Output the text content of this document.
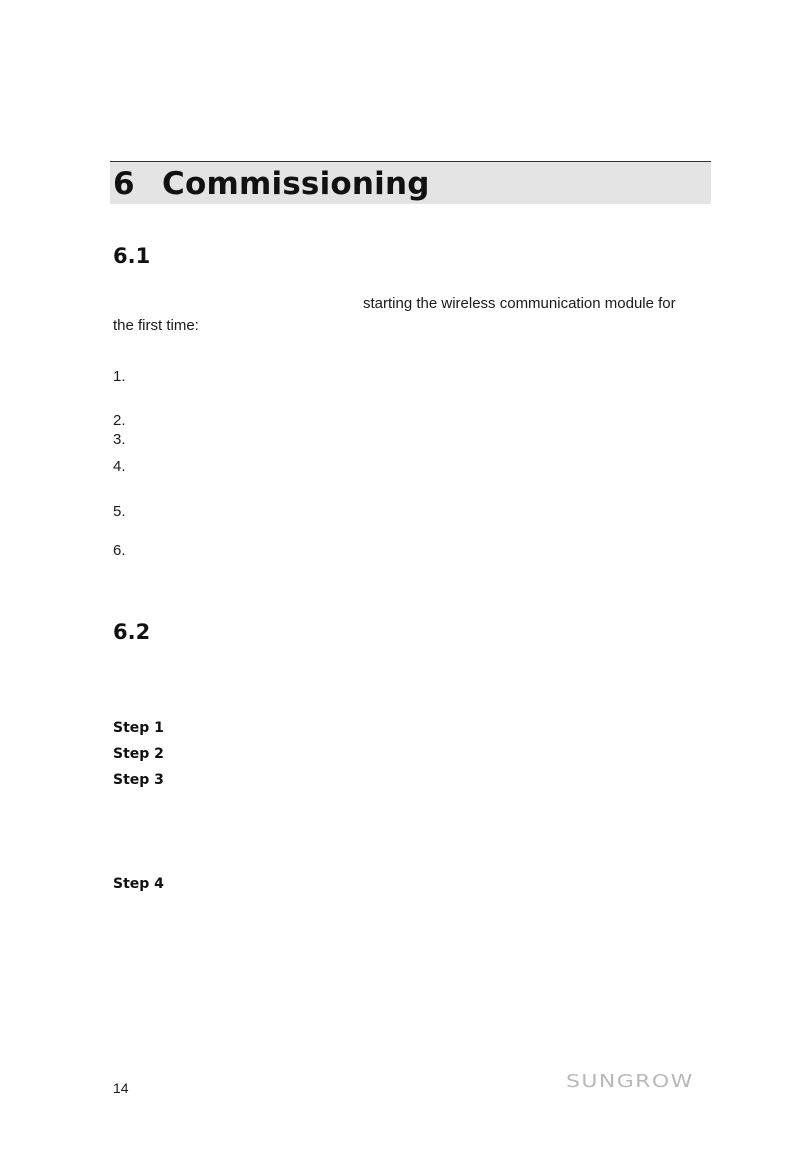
6 Commissioning
6.1
starting the wireless communication module for
the first time:
1.
2.
3.
4.
5.
6.
6.2
Step 1
Step 2
Step 3
Step 4
14	SUNGROW
